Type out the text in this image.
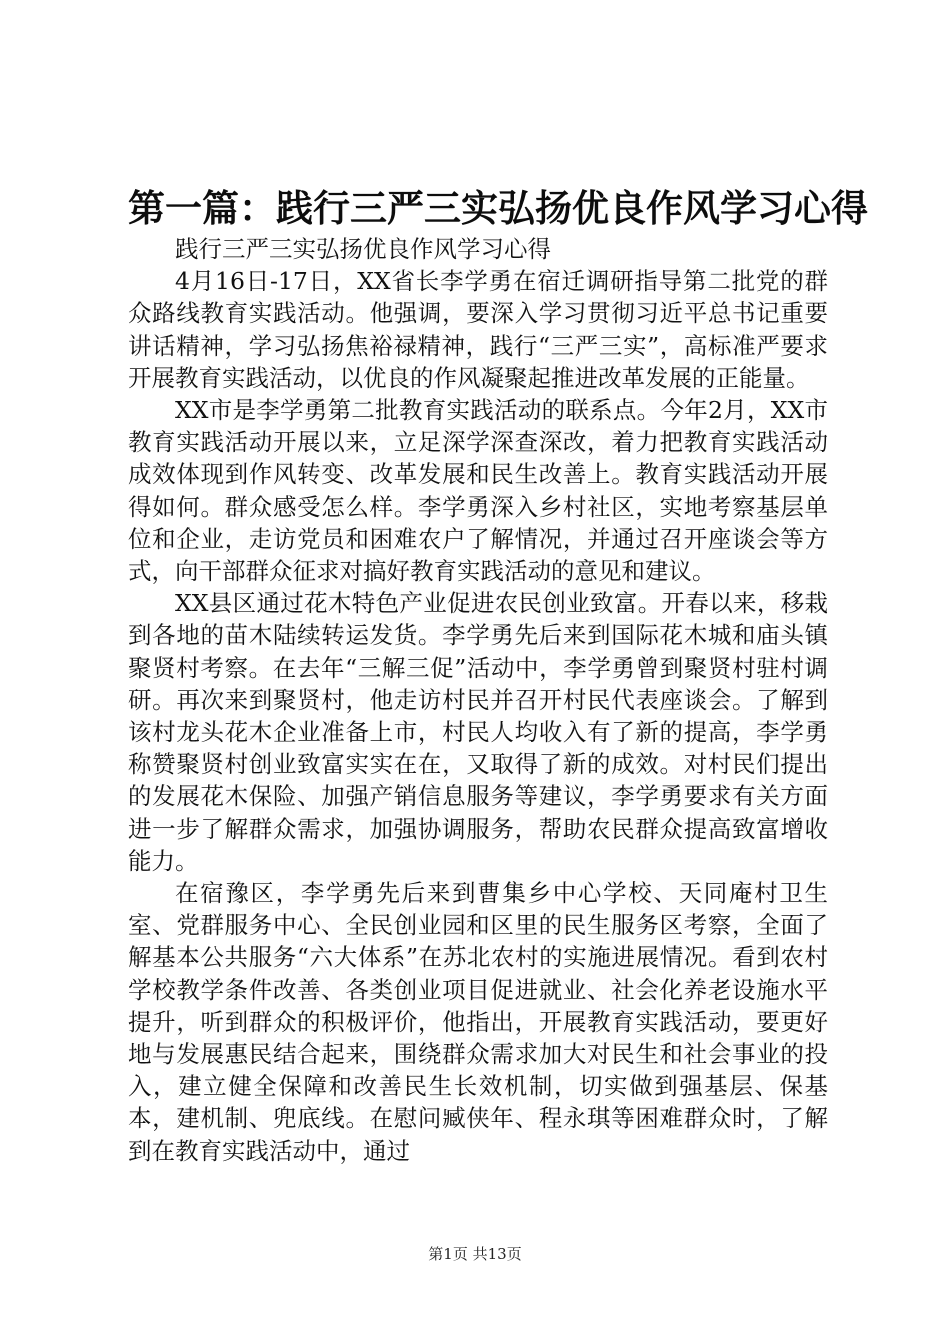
第一篇：践行三严三实弘扬优良作风学习心得

践行三严三实弘扬优良作风学习心得

4月16日-17日，XX省长李学勇在宿迁调研指导第二批党的群众路线教育实践活动。他强调，要深入学习贯彻习近平总书记重要讲话精神，学习弘扬焦裕禄精神，践行“三严三实”，高标准严要求开展教育实践活动，以优良的作风凝聚起推进改革发展的正能量。

XX市是李学勇第二批教育实践活动的联系点。今年2月，XX市教育实践活动开展以来，立足深学深查深改，着力把教育实践活动成效体现到作风转变、改革发展和民生改善上。教育实践活动开展得如何。群众感受怎么样。李学勇深入乡村社区，实地考察基层单位和企业，走访党员和困难农户了解情况，并通过召开座谈会等方式，向干部群众征求对搞好教育实践活动的意见和建议。

XX县区通过花木特色产业促进农民创业致富。开春以来，移栽到各地的苗木陆续转运发货。李学勇先后来到国际花木城和庙头镇聚贤村考察。在去年“三解三促”活动中，李学勇曾到聚贤村驻村调研。再次来到聚贤村，他走访村民并召开村民代表座谈会。了解到该村龙头花木企业准备上市，村民人均收入有了新的提高，李学勇称赞聚贤村创业致富实实在在，又取得了新的成效。对村民们提出的发展花木保险、加强产销信息服务等建议，李学勇要求有关方面进一步了解群众需求，加强协调服务，帮助农民群众提高致富增收能力。

在宿豫区，李学勇先后来到曹集乡中心学校、天同庵村卫生室、党群服务中心、全民创业园和区里的民生服务区考察，全面了解基本公共服务“六大体系”在苏北农村的实施进展情况。看到农村学校教学条件改善、各类创业项目促进就业、社会化养老设施水平提升，听到群众的积极评价，他指出，开展教育实践活动，要更好地与发展惠民结合起来，围绕群众需求加大对民生和社会事业的投入，建立健全保障和改善民生长效机制，切实做到强基层、保基本，建机制、兜底线。在慰问臧侠年、程永琪等困难群众时，了解到在教育实践活动中，通过

第1页 共13页
